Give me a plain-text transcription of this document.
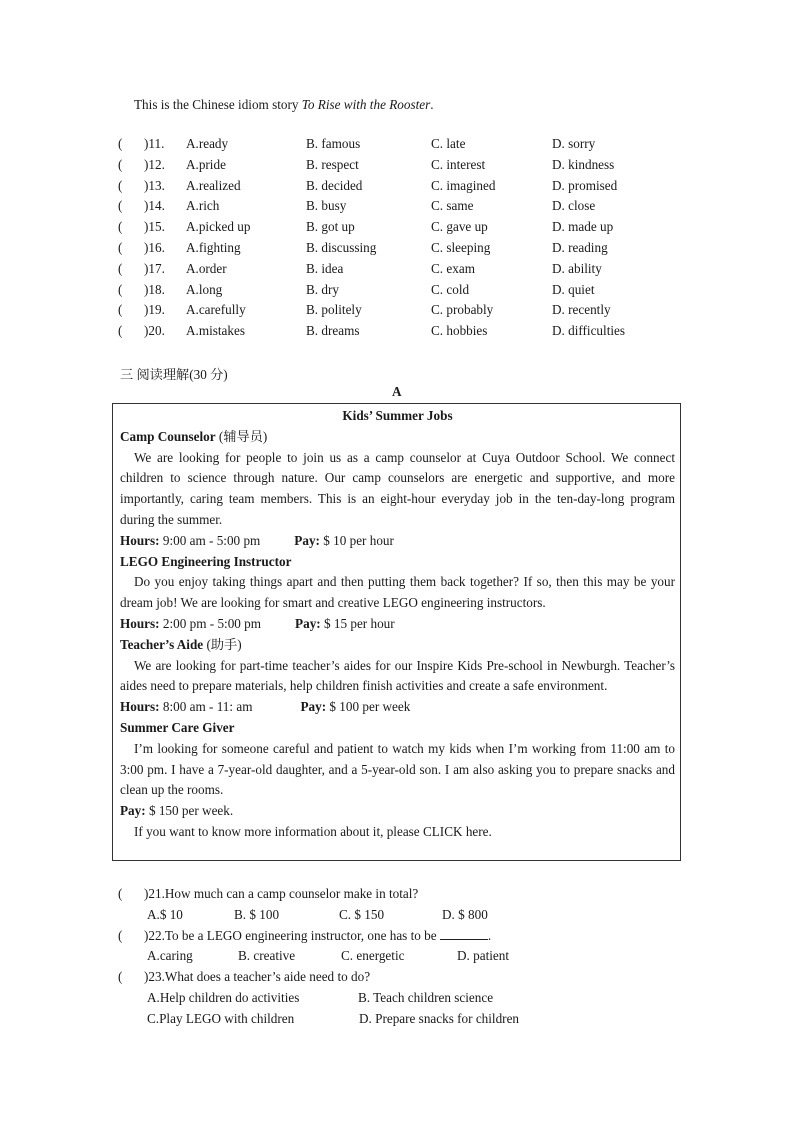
This is the Chinese idiom story To Rise with the Rooster.
( )11. A.ready	B. famous	C. late	D. sorry
( )12. A.pride	B. respect	C. interest	D. kindness
( )13. A.realized	B. decided	C. imagined	D. promised
( )14. A.rich	B. busy	C. same	D. close
( )15. A.picked up	B. got up	C. gave up	D. made up
( )16. A.fighting	B. discussing	C. sleeping	D. reading
( )17. A.order	B. idea	C. exam	D. ability
( )18. A.long	B. dry	C. cold	D. quiet
( )19. A.carefully	B. politely	C. probably	D. recently
( )20. A.mistakes	B. dreams	C. hobbies	D. difficulties
三 阅读理解(30 分)
A
Kids’ Summer Jobs
Camp Counselor (辅导员)
We are looking for people to join us as a camp counselor at Cuya Outdoor School. We connect children to science through nature. Our camp counselors are energetic and supportive, and more importantly, caring team members. This is an eight-hour everyday job in the ten-day-long program during the summer.
Hours: 9:00 am - 5:00 pm	Pay: $ 10 per hour
LEGO Engineering Instructor
Do you enjoy taking things apart and then putting them back together? If so, then this may be your dream job! We are looking for smart and creative LEGO engineering instructors.
Hours: 2:00 pm - 5:00 pm	Pay: $ 15 per hour
Teacher’s Aide (助手)
We are looking for part-time teacher’s aides for our Inspire Kids Pre-school in Newburgh. Teacher’s aides need to prepare materials, help children finish activities and create a safe environment.
Hours: 8:00 am - 11: am	Pay: $ 100 per week
Summer Care Giver
I’m looking for someone careful and patient to watch my kids when I’m working from 11:00 am to 3:00 pm. I have a 7-year-old daughter, and a 5-year-old son. I am also asking you to prepare snacks and clean up the rooms.
Pay: $ 150 per week.
If you want to know more information about it, please CLICK here.
( )21.How much can a camp counselor make in total?
A.$ 10	B. $ 100	C. $ 150	D. $ 800
( )22.To be a LEGO engineering instructor, one has to be	.
A.caring	B. creative	C. energetic	D. patient
( )23.What does a teacher’s aide need to do?
A.Help children do activities	B. Teach children science
C.Play LEGO with children	D. Prepare snacks for children
